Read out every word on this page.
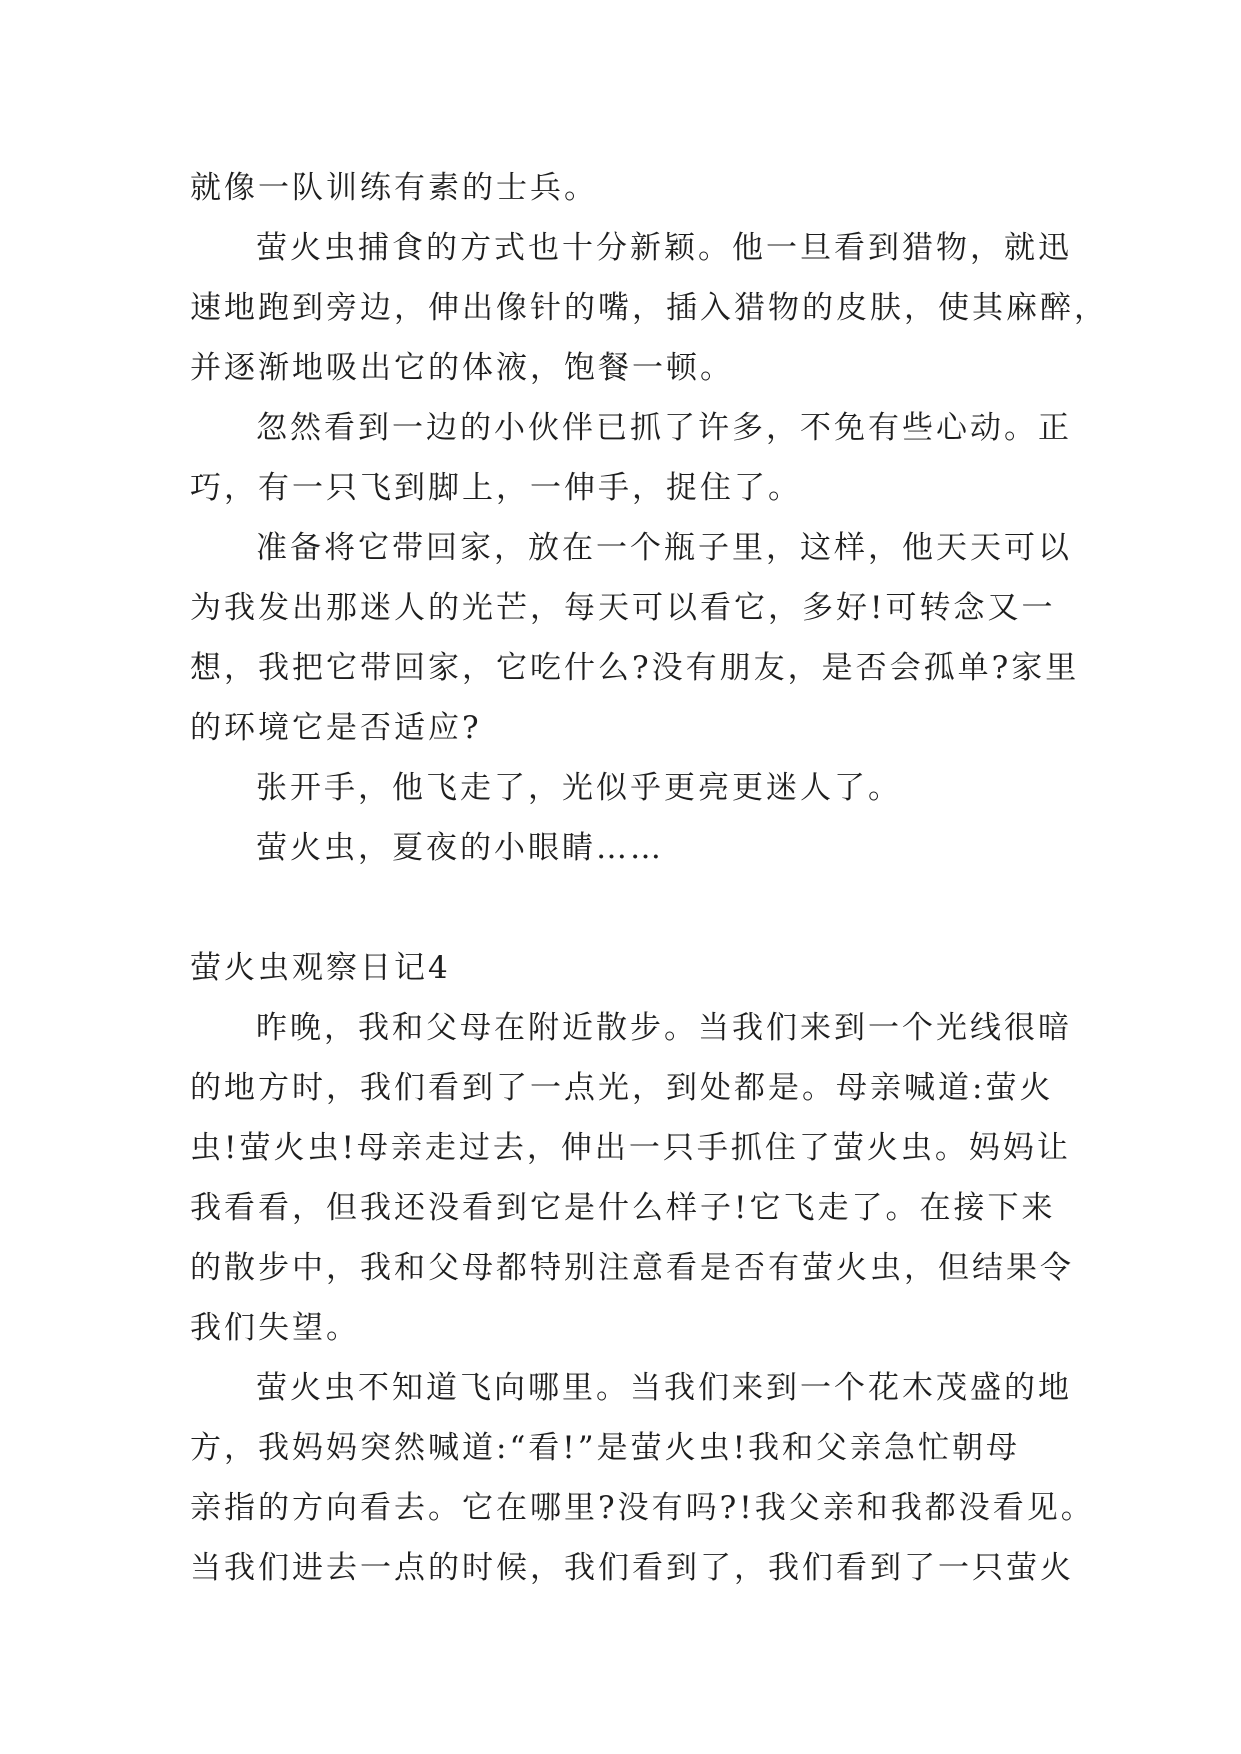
就像一队训练有素的士兵。
萤火虫捕食的方式也十分新颖。他一旦看到猎物，就迅
速地跑到旁边，伸出像针的嘴，插入猎物的皮肤，使其麻醉，
并逐渐地吸出它的体液，饱餐一顿。
忽然看到一边的小伙伴已抓了许多，不免有些心动。正
巧，有一只飞到脚上，一伸手，捉住了。
准备将它带回家，放在一个瓶子里，这样，他天天可以
为我发出那迷人的光芒，每天可以看它，多好!可转念又一
想，我把它带回家，它吃什么?没有朋友，是否会孤单?家里
的环境它是否适应?
张开手，他飞走了，光似乎更亮更迷人了。
萤火虫，夏夜的小眼睛……
萤火虫观察日记4
昨晚，我和父母在附近散步。当我们来到一个光线很暗
的地方时，我们看到了一点光，到处都是。母亲喊道:萤火
虫!萤火虫!母亲走过去，伸出一只手抓住了萤火虫。妈妈让
我看看，但我还没看到它是什么样子!它飞走了。在接下来
的散步中，我和父母都特别注意看是否有萤火虫，但结果令
我们失望。
萤火虫不知道飞向哪里。当我们来到一个花木茂盛的地
方，我妈妈突然喊道:“看!”是萤火虫!我和父亲急忙朝母
亲指的方向看去。它在哪里?没有吗?!我父亲和我都没看见。
当我们进去一点的时候，我们看到了，我们看到了一只萤火
